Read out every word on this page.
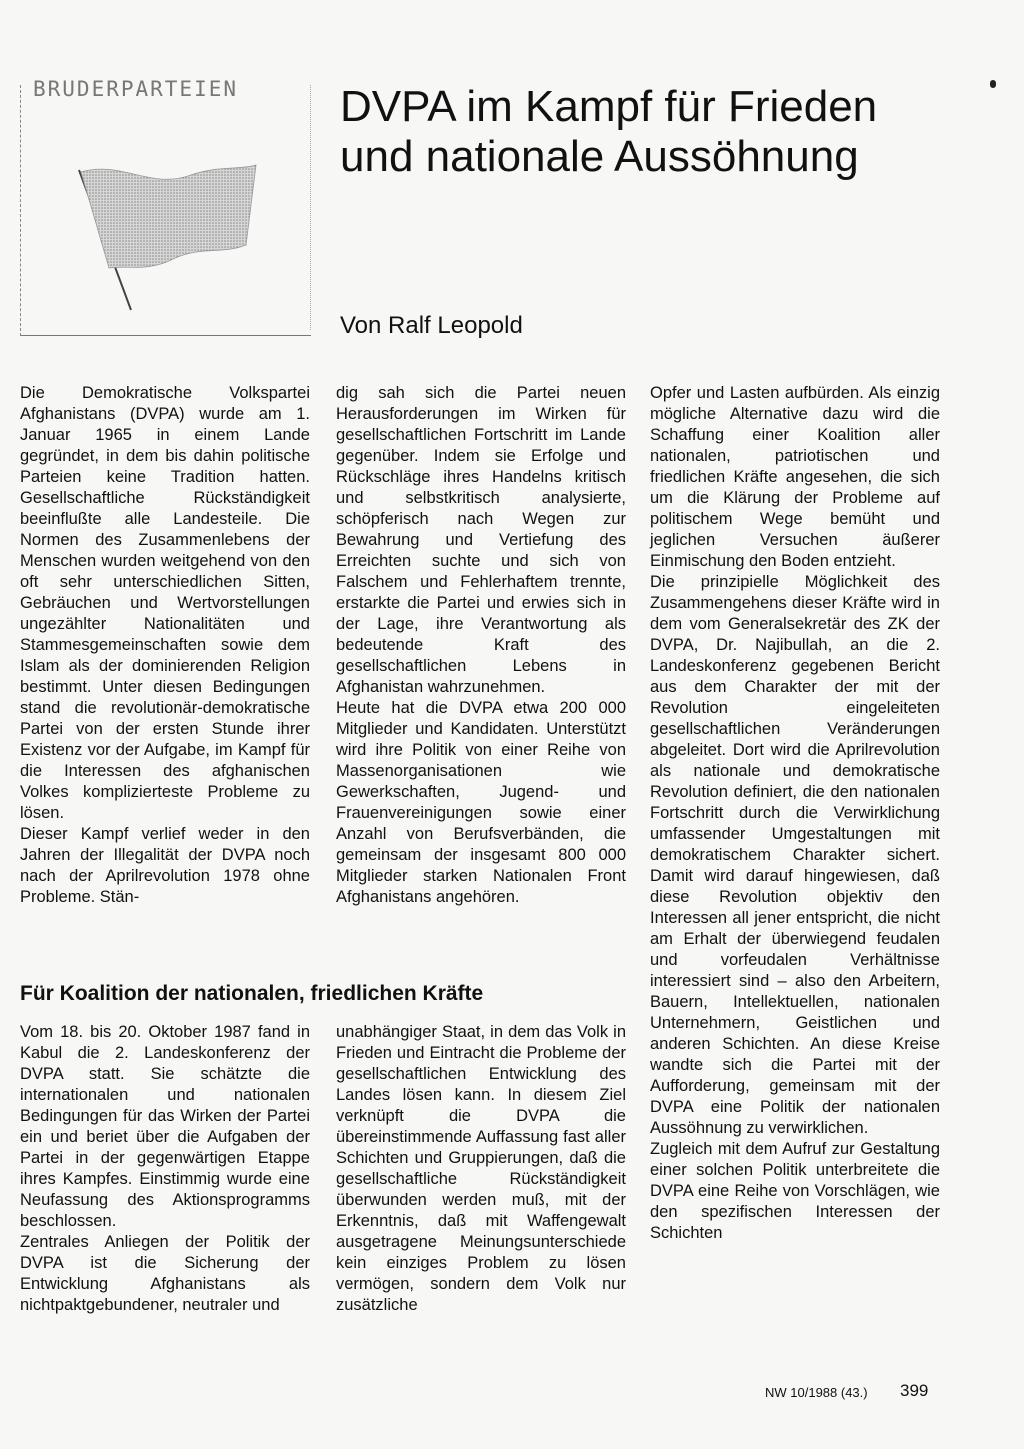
BRUDERPARTEIEN DVPA im Kampf für Frieden
und nationale Aussöhnung

Von Ralf Leopold

Die Demokratische Volkspartei Afghanistans (DVPA) wurde am 1. Januar 1965 in einem Lande gegründet, in dem bis dahin politische Parteien keine Tradition hatten. Gesellschaftliche Rückständigkeit beeinflußte alle Landesteile. Die Normen des Zusammenlebens der Menschen wurden weitgehend von den oft sehr unterschiedlichen Sitten, Gebräuchen und Wertvorstellungen ungezählter Nationalitäten und Stammesgemeinschaften sowie dem Islam als der dominierenden Religion bestimmt. Unter diesen Bedingungen stand die revolutionär-demokratische Partei von der ersten Stunde ihrer Existenz vor der Aufgabe, im Kampf für die Interessen des afghanischen Volkes komplizierteste Probleme zu lösen.

Dieser Kampf verlief weder in den Jahren der Illegalität der DVPA noch nach der Aprilrevolution 1978 ohne Probleme. Stän-

dig sah sich die Partei neuen Herausforderungen im Wirken für gesellschaftlichen Fortschritt im Lande gegenüber. Indem sie Erfolge und Rückschläge ihres Handelns kritisch und selbstkritisch analysierte, schöpferisch nach Wegen zur Bewahrung und Vertiefung des Erreichten suchte und sich von Falschem und Fehlerhaftem trennte, erstarkte die Partei und erwies sich in der Lage, ihre Verantwortung als bedeutende Kraft des gesellschaftlichen Lebens in Afghanistan wahrzunehmen.

Heute hat die DVPA etwa 200 000 Mitglieder und Kandidaten. Unterstützt wird ihre Politik von einer Reihe von Massenorganisationen wie Gewerkschaften, Jugend- und Frauenvereinigungen sowie einer Anzahl von Berufsverbänden, die gemeinsam der insgesamt 800 000 Mitglieder starken Nationalen Front Afghanistans angehören.

Opfer und Lasten aufbürden. Als einzig mögliche Alternative dazu wird die Schaffung einer Koalition aller nationalen, patriotischen und friedlichen Kräfte angesehen, die sich um die Klärung der Probleme auf politischem Wege bemüht und jeglichen Versuchen äußerer Einmischung den Boden entzieht.

Die prinzipielle Möglichkeit des Zusammengehens dieser Kräfte wird in dem vom Generalsekretär des ZK der DVPA, Dr. Najibullah, an die 2. Landeskonferenz gegebenen Bericht aus dem Charakter der mit der Revolution eingeleiteten gesellschaftlichen Veränderungen abgeleitet. Dort wird die Aprilrevolution als nationale und demokratische Revolution definiert, die den nationalen Fortschritt durch die Verwirklichung umfassender Umgestaltungen mit demokratischem Charakter sichert. Damit wird darauf hingewiesen, daß diese Revolution objektiv den Interessen all jener entspricht, die nicht am Erhalt der überwiegend feudalen und vorfeudalen Verhältnisse interessiert sind – also den Arbeitern, Bauern, Intellektuellen, nationalen Unternehmern, Geistlichen und anderen Schichten. An diese Kreise wandte sich die Partei mit der Aufforderung, gemeinsam mit der DVPA eine Politik der nationalen Aussöhnung zu verwirklichen.

Zugleich mit dem Aufruf zur Gestaltung einer solchen Politik unterbreitete die DVPA eine Reihe von Vorschlägen, wie den spezifischen Interessen der Schichten

Für Koalition der nationalen, friedlichen Kräfte

Vom 18. bis 20. Oktober 1987 fand in Kabul die 2. Landeskonferenz der DVPA statt. Sie schätzte die internationalen und nationalen Bedingungen für das Wirken der Partei ein und beriet über die Aufgaben der Partei in der gegenwärtigen Etappe ihres Kampfes. Einstimmig wurde eine Neufassung des Aktionsprogramms beschlossen.

Zentrales Anliegen der Politik der DVPA ist die Sicherung der Entwicklung Afghanistans als nichtpaktgebundener, neutraler und

unabhängiger Staat, in dem das Volk in Frieden und Eintracht die Probleme der gesellschaftlichen Entwicklung des Landes lösen kann. In diesem Ziel verknüpft die DVPA die übereinstimmende Auffassung fast aller Schichten und Gruppierungen, daß die gesellschaftliche Rückständigkeit überwunden werden muß, mit der Erkenntnis, daß mit Waffengewalt ausgetragene Meinungsunterschiede kein einziges Problem zu lösen vermögen, sondern dem Volk nur zusätzliche

NW 10/1988 (43.) 399
